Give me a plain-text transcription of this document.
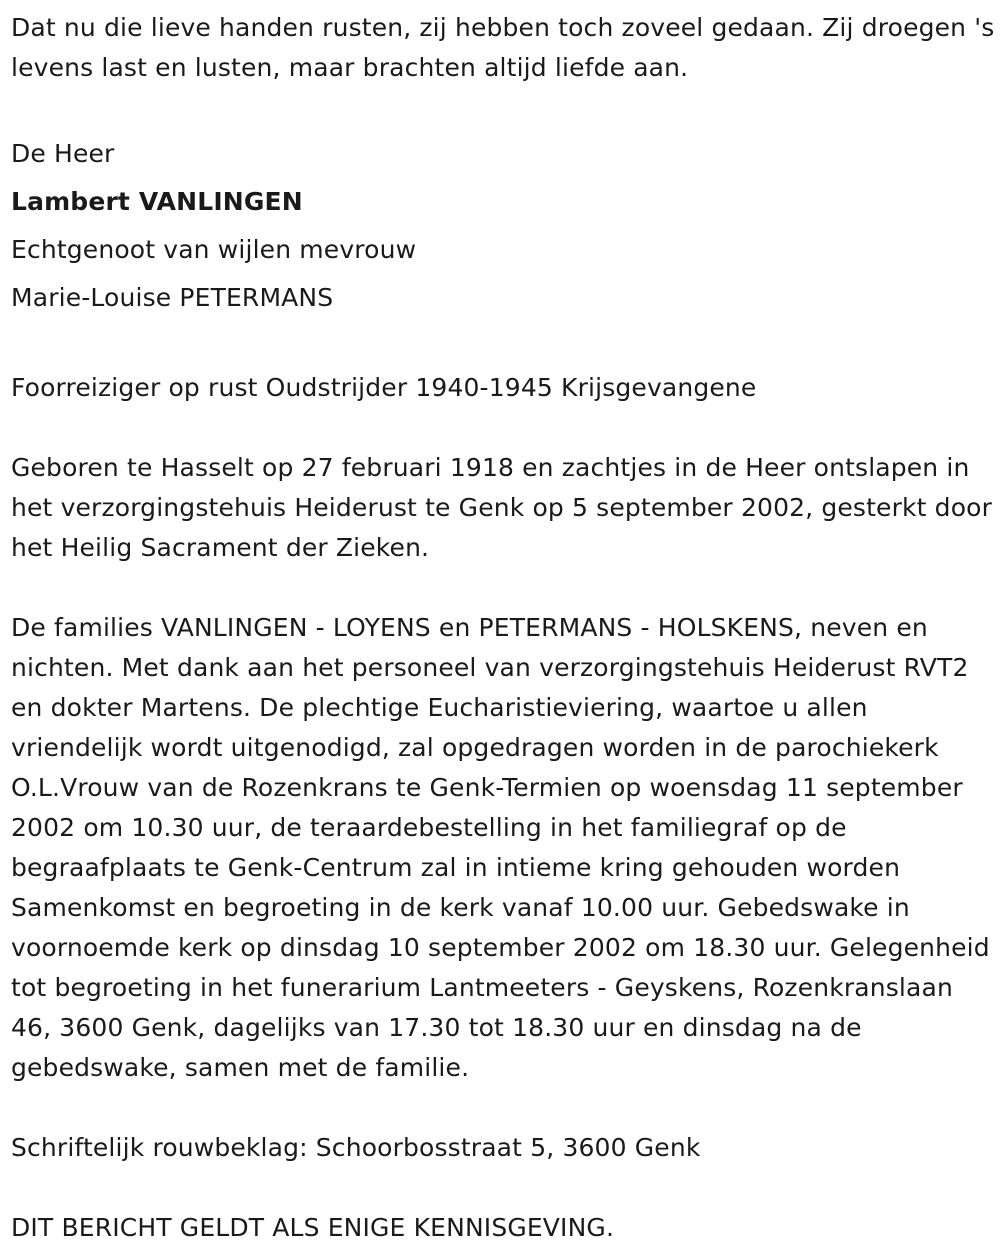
Dat nu die lieve handen rusten, zij hebben toch zoveel gedaan. Zij droegen 's levens last en lusten, maar brachten altijd liefde aan.

De Heer

Lambert VANLINGEN

Echtgenoot van wijlen mevrouw

Marie-Louise PETERMANS

Foorreiziger op rust Oudstrijder 1940-1945 Krijsgevangene

Geboren te Hasselt op 27 februari 1918 en zachtjes in de Heer ontslapen in het verzorgingstehuis Heiderust te Genk op 5 september 2002, gesterkt door het Heilig Sacrament der Zieken.

De families VANLINGEN - LOYENS en PETERMANS - HOLSKENS, neven en nichten. Met dank aan het personeel van verzorgingstehuis Heiderust RVT2 en dokter Martens. De plechtige Eucharistieviering, waartoe u allen vriendelijk wordt uitgenodigd, zal opgedragen worden in de parochiekerk O.L.Vrouw van de Rozenkrans te Genk-Termien op woensdag 11 september 2002 om 10.30 uur, de teraardebestelling in het familiegraf op de begraafplaats te Genk-Centrum zal in intieme kring gehouden worden Samenkomst en begroeting in de kerk vanaf 10.00 uur. Gebedswake in voornoemde kerk op dinsdag 10 september 2002 om 18.30 uur. Gelegenheid tot begroeting in het funerarium Lantmeeters - Geyskens, Rozenkranslaan 46, 3600 Genk, dagelijks van 17.30 tot 18.30 uur en dinsdag na de gebedswake, samen met de familie.

Schriftelijk rouwbeklag: Schoorbosstraat 5, 3600 Genk

DIT BERICHT GELDT ALS ENIGE KENNISGEVING.
